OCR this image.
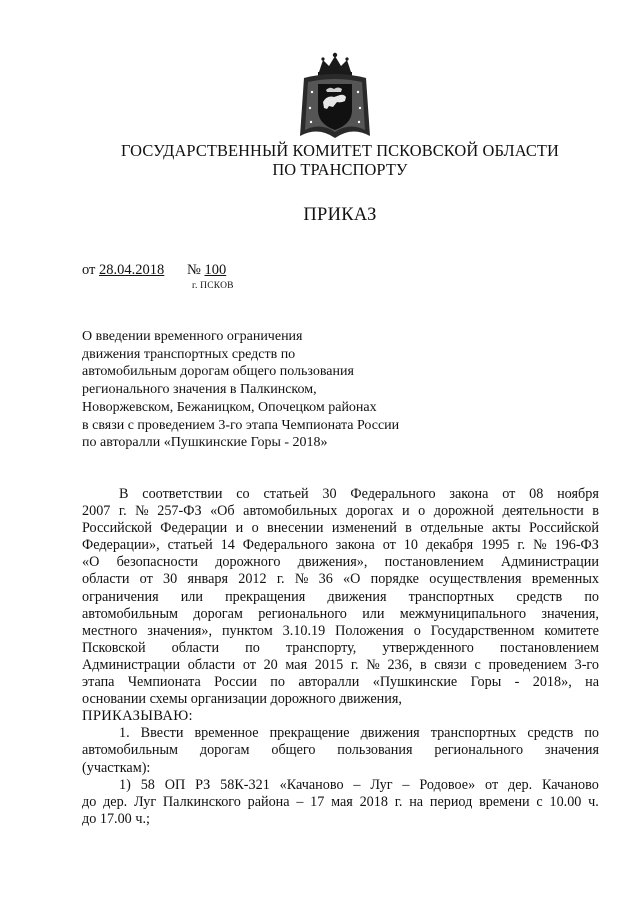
ГОСУДАРСТВЕННЫЙ КОМИТЕТ ПСКОВСКОЙ ОБЛАСТИ
ПО ТРАНСПОРТУ
ПРИКАЗ
от 28.04.2018 № 100
г. ПСКОВ
О введении временного ограничения
движения транспортных средств по
автомобильным дорогам общего пользования
регионального значения в Палкинском,
Новоржевском, Бежаницком, Опочецком районах
в связи с проведением 3-го этапа Чемпионата России
по авторалли «Пушкинские Горы - 2018»
В соответствии со статьей 30 Федерального закона от 08 ноября
2007 г. № 257-ФЗ «Об автомобильных дорогах и о дорожной деятельности в
Российской Федерации и о внесении изменений в отдельные акты Российской
Федерации», статьей 14 Федерального закона от 10 декабря 1995 г. № 196-ФЗ
«О безопасности дорожного движения», постановлением Администрации
области от 30 января 2012 г. № 36 «О порядке осуществления временных
ограничения или прекращения движения транспортных средств по
автомобильным дорогам регионального или межмуниципального значения,
местного значения», пунктом 3.10.19 Положения о Государственном комитете
Псковской области по транспорту, утвержденного постановлением
Администрации области от 20 мая 2015 г. № 236, в связи с проведением 3-го
этапа Чемпионата России по авторалли «Пушкинские Горы - 2018», на
основании схемы организации дорожного движения,
ПРИКАЗЫВАЮ:
1. Ввести временное прекращение движения транспортных средств по
автомобильным дорогам общего пользования регионального значения
(участкам):
1) 58 ОП РЗ 58К-321 «Качаново – Луг – Родовое» от дер. Качаново
до дер. Луг Палкинского района – 17 мая 2018 г. на период времени с 10.00 ч.
до 17.00 ч.;
